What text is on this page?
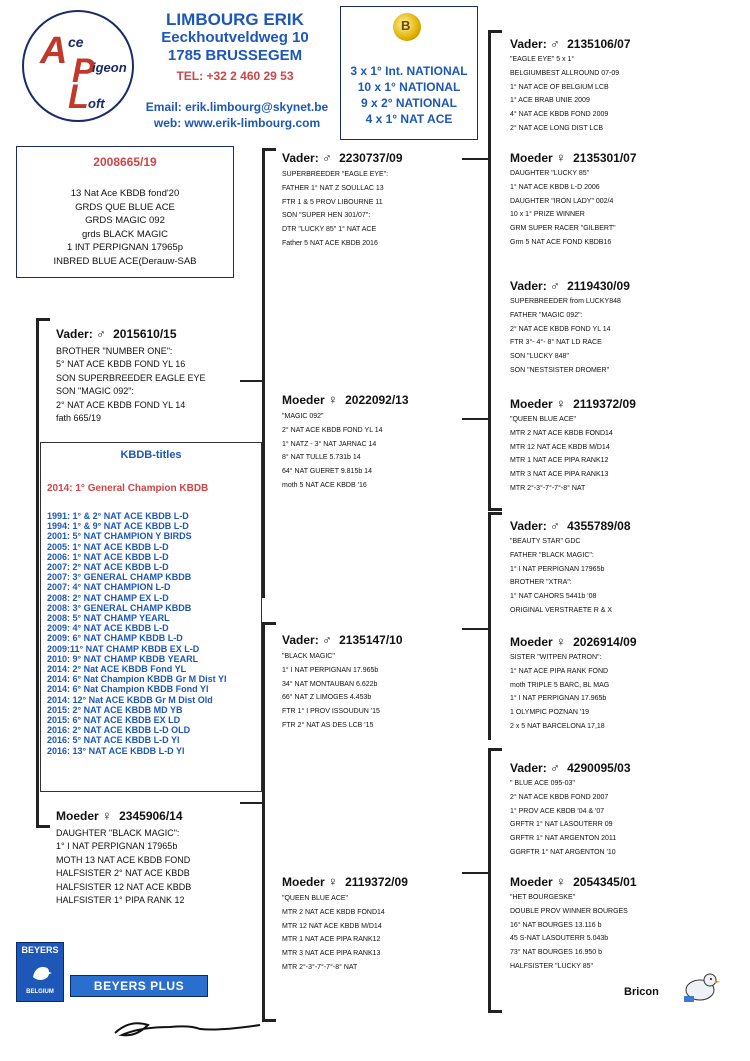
A ce
P
igeon
L oft
LIMBOURG ERIK
Eeckhoutveldweg 10
1785 BRUSSEGEM
TEL: +32 2 460 29 53
Email: erik.limbourg@skynet.be
web: www.erik-limbourg.com
B
3 x 1° Int. NATIONAL
10 x 1° NATIONAL
9 x 2° NATIONAL
4 x 1° NAT ACE
2008665/19
13 Nat Ace KBDB fond'20
GRDS QUE BLUE ACE
GRDS MAGIC 092
grds BLACK MAGIC
1 INT PERPIGNAN 17965p
INBRED BLUE ACE(Derauw-SAB
Vader: ♂ 2015610/15

BROTHER "NUMBER ONE":

5° NAT ACE KBDB FOND YL 16

SON SUPERBREEDER EAGLE EYE

SON "MAGIC 092":

2° NAT ACE KBDB FOND YL 14

fath 665/19

KBDB-titles
2014: 1° General Champion KBDB

1991: 1° & 2° NAT ACE KBDB L-D

1994: 1° & 9° NAT ACE KBDB L-D

2001: 5° NAT CHAMPION Y BIRDS

2005: 1° NAT ACE KBDB L-D

2006: 1° NAT ACE KBDB L-D

2007: 2° NAT ACE KBDB L-D

2007: 3° GENERAL CHAMP KBDB

2007: 4° NAT CHAMPION L-D

2008: 2° NAT CHAMP EX L-D

2008: 3° GENERAL CHAMP KBDB

2008: 5° NAT CHAMP YEARL

2009: 4° NAT ACE KBDB L-D

2009: 6° NAT CHAMP KBDB L-D

2009:11° NAT CHAMP KBDB EX L-D

2010: 9° NAT CHAMP KBDB YEARL

2014: 2° Nat ACE KBDB Fond YL

2014: 6° Nat Champion KBDB Gr M Dist Yl

2014: 6° Nat Champion KBDB Fond Yl

2014: 12° Nat ACE KBDB Gr M Dist Old

2015: 2° NAT ACE KBDB MD YB

2015: 6° NAT ACE KBDB EX LD

2016: 2° NAT ACE KBDB L-D OLD

2016: 5° NAT ACE KBDB L-D Yl

2016: 13° NAT ACE KBDB L-D Yl

Moeder ♀ 2345906/14

DAUGHTER "BLACK MAGIC":

1° I NAT PERPIGNAN 17965b

MOTH 13 NAT ACE KBDB FOND

HALFSISTER 2° NAT ACE KBDB

HALFSISTER 12 NAT ACE KBDB

HALFSISTER 1° PIPA RANK 12

Vader: ♂ 2230737/09

SUPERBREEDER "EAGLE EYE":

FATHER 1° NAT Z SOULLAC 13

FTR 1 & 5 PROV LIBOURNE 11

SON "SUPER HEN 301/07":

DTR "LUCKY 85" 1° NAT ACE

Father 5 NAT ACE KBDB 2016

Moeder ♀ 2022092/13

"MAGIC 092"

2° NAT ACE KBDB FOND YL 14

1° NATZ - 3° NAT JARNAC 14

8° NAT TULLE 5.731b 14

64° NAT GUERET 9.815b 14

moth 5 NAT ACE KBDB '16

Vader: ♂ 2135147/10

"BLACK MAGIC"

1° I NAT PERPIGNAN 17.965b

34° NAT MONTAUBAN 6.622b

66° NAT Z LIMOGES 4.453b

FTR 1° I PROV ISSOUDUN '15

FTR 2° NAT AS DES LCB '15

Moeder ♀ 2119372/09

"QUEEN BLUE ACE"

MTR 2 NAT ACE KBDB FOND14

MTR 12 NAT ACE KBDB M/D14

MTR 1 NAT ACE PIPA RANK12

MTR 3 NAT ACE PIPA RANK13

MTR 2°-3°-7°-7°-8° NAT

Vader: ♂ 2135106/07

"EAGLE EYE" 5 x 1°

BELGIUMBEST ALLROUND 07-09

1° NAT ACE OF BELGIUM LCB

1° ACE BRAB UNIE 2009

4° NAT ACE KBDB FOND 2009

2° NAT ACE LONG DIST LCB

Moeder ♀ 2135301/07

DAUGHTER "LUCKY 85"

1° NAT ACE KBDB L-D 2006

DAUGHTER "IRON LADY" 002/4

10 x 1° PRIZE WINNER

GRM SUPER RACER "GILBERT"

Grm 5 NAT ACE FOND KBDB16

Vader: ♂ 2119430/09

SUPERBREEDER from LUCKY848

FATHER "MAGIC 092":

2° NAT ACE KBDB FOND YL 14

FTR 3°- 4°- 8° NAT LD RACE

SON "LUCKY 848"

SON "NESTSISTER DROMER"

Moeder ♀ 2119372/09

"QUEEN BLUE ACE"

MTR 2 NAT ACE KBDB FOND14

MTR 12 NAT ACE KBDB M/D14

MTR 1 NAT ACE PIPA RANK12

MTR 3 NAT ACE PIPA RANK13

MTR 2°-3°-7°-7°-8° NAT

Vader: ♂ 4355789/08

"BEAUTY STAR" GDC

FATHER "BLACK MAGIC":

1° I NAT PERPIGNAN 17965b

BROTHER "XTRA":

1° NAT CAHORS 5441b '08

ORIGINAL VERSTRAETE R & X

Moeder ♀ 2026914/09

SISTER "WITPEN PATRON":

1° NAT ACE PIPA RANK FOND

moth TRIPLE 5 BARC, BL MAG

1° I NAT PERPIGNAN 17.965b

1 OLYMPIC POZNAN '19

2 x 5 NAT BARCELONA 17,18

Vader: ♂ 4290095/03

" BLUE ACE 095-03"

2° NAT ACE KBDB FOND 2007

1° PROV ACE KBDB '04 & '07

GRFTR 1° NAT LASOUTERR 09

GRFTR 1° NAT ARGENTON 2011

GGRFTR 1° NAT ARGENTON '10

Moeder ♀ 2054345/01

"HET BOURGESKE"

DOUBLE PROV WINNER BOURGES

16° NAT BOURGES 13.116 b

45 S-NAT LASOUTERR 5.043b

73° NAT BOURGES 16.950 b

HALFSISTER "LUCKY 85"

BEYERS
BELGIUM	BEYERS PLUS	Bricon
